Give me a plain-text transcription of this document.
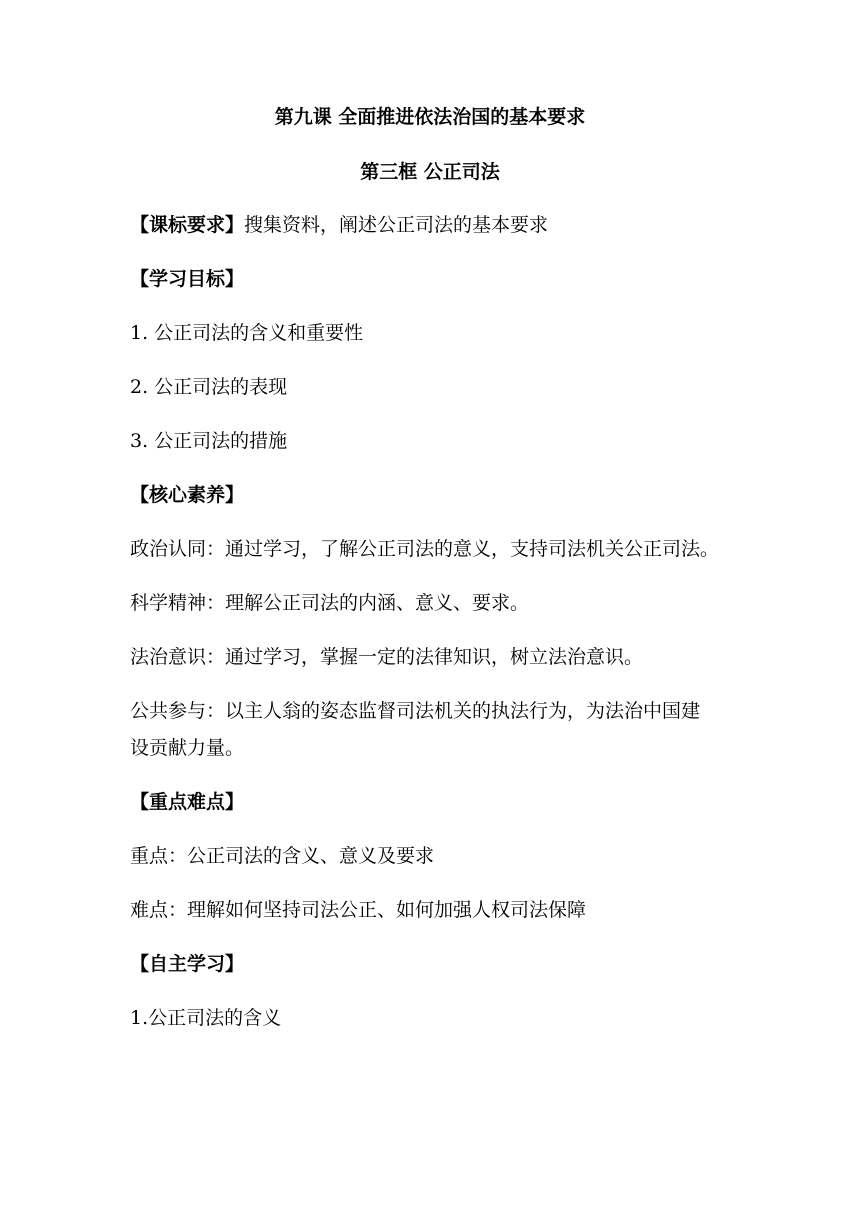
第九课 全面推进依法治国的基本要求
第三框 公正司法
【课标要求】搜集资料，阐述公正司法的基本要求
【学习目标】
1. 公正司法的含义和重要性
2. 公正司法的表现
3. 公正司法的措施
【核心素养】
政治认同：通过学习，了解公正司法的意义，支持司法机关公正司法。
科学精神：理解公正司法的内涵、意义、要求。
法治意识：通过学习，掌握一定的法律知识，树立法治意识。
公共参与：以主人翁的姿态监督司法机关的执法行为，为法治中国建
设贡献力量。
【重点难点】
重点：公正司法的含义、意义及要求
难点：理解如何坚持司法公正、如何加强人权司法保障
【自主学习】
1.公正司法的含义
